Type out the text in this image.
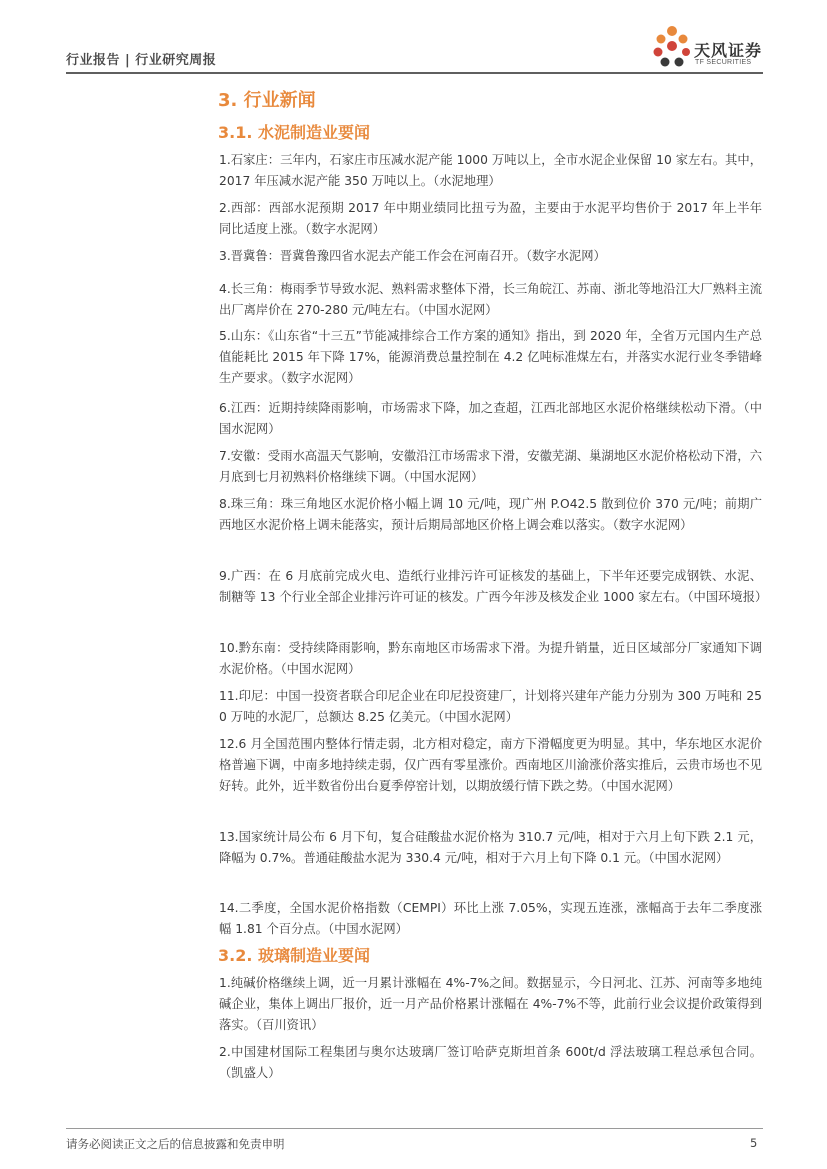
行业报告 | 行业研究周报
天风证券
TF SECURITIES
3. 行业新闻
3.1. 水泥制造业要闻
1.石家庄：三年内，石家庄市压减水泥产能 1000 万吨以上，全市水泥企业保留 10 家左右。其中，2017 年压减水泥产能 350 万吨以上。（水泥地理）
2.西部：西部水泥预期 2017 年中期业绩同比扭亏为盈，主要由于水泥平均售价于 2017 年上半年同比适度上涨。（数字水泥网）
3.晋冀鲁：晋冀鲁豫四省水泥去产能工作会在河南召开。（数字水泥网）
4.长三角：梅雨季节导致水泥、熟料需求整体下滑，长三角皖江、苏南、浙北等地沿江大厂熟料主流出厂离岸价在 270-280 元/吨左右。（中国水泥网）
5.山东：《山东省“十三五”节能减排综合工作方案的通知》指出，到 2020 年，全省万元国内生产总值能耗比 2015 年下降 17%，能源消费总量控制在 4.2 亿吨标准煤左右，并落实水泥行业冬季错峰生产要求。（数字水泥网）
6.江西：近期持续降雨影响，市场需求下降，加之查超，江西北部地区水泥价格继续松动下滑。（中国水泥网）
7.安徽：受雨水高温天气影响，安徽沿江市场需求下滑，安徽芜湖、巢湖地区水泥价格松动下滑，六月底到七月初熟料价格继续下调。（中国水泥网）
8.珠三角：珠三角地区水泥价格小幅上调 10 元/吨，现广州 P.O42.5 散到位价 370 元/吨；前期广西地区水泥价格上调未能落实，预计后期局部地区价格上调会难以落实。（数字水泥网）
9.广西：在 6 月底前完成火电、造纸行业排污许可证核发的基础上，下半年还要完成钢铁、水泥、制糖等 13 个行业全部企业排污许可证的核发。广西今年涉及核发企业 1000 家左右。（中国环境报）
10.黔东南：受持续降雨影响，黔东南地区市场需求下滑。为提升销量，近日区域部分厂家通知下调水泥价格。（中国水泥网）
11.印尼：中国一投资者联合印尼企业在印尼投资建厂，计划将兴建年产能力分别为 300 万吨和 250 万吨的水泥厂，总额达 8.25 亿美元。（中国水泥网）
12.6 月全国范围内整体行情走弱，北方相对稳定，南方下滑幅度更为明显。其中，华东地区水泥价格普遍下调，中南多地持续走弱，仅广西有零星涨价。西南地区川渝涨价落实推后，云贵市场也不见好转。此外，近半数省份出台夏季停窑计划，以期放缓行情下跌之势。（中国水泥网）
13.国家统计局公布 6 月下旬，复合硅酸盐水泥价格为 310.7 元/吨，相对于六月上旬下跌 2.1 元，降幅为 0.7%。普通硅酸盐水泥为 330.4 元/吨，相对于六月上旬下降 0.1 元。（中国水泥网）
14.二季度，全国水泥价格指数（CEMPI）环比上涨 7.05%，实现五连涨，涨幅高于去年二季度涨幅 1.81 个百分点。（中国水泥网）
3.2. 玻璃制造业要闻
1.纯碱价格继续上调，近一月累计涨幅在 4%-7%之间。数据显示，今日河北、江苏、河南等多地纯碱企业，集体上调出厂报价，近一月产品价格累计涨幅在 4%-7%不等，此前行业会议提价政策得到落实。（百川资讯）
2.中国建材国际工程集团与奥尔达玻璃厂签订哈萨克斯坦首条 600t/d 浮法玻璃工程总承包合同。（凯盛人）
请务必阅读正文之后的信息披露和免责申明	5
